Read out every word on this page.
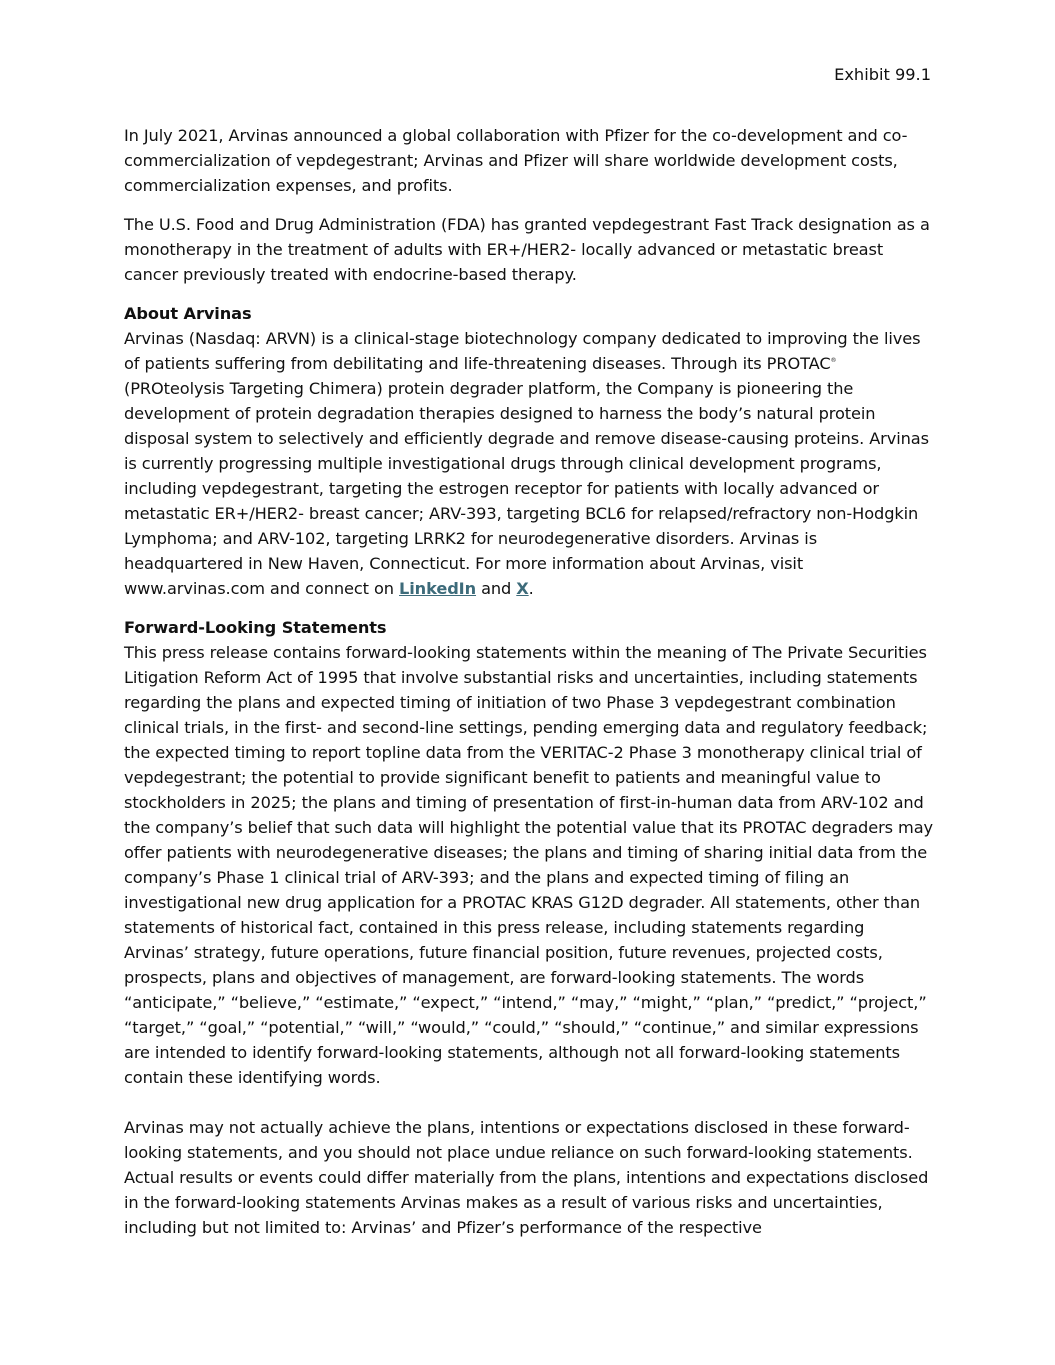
Exhibit 99.1

In July 2021, Arvinas announced a global collaboration with Pfizer for the co-development and co-commercialization of vepdegestrant; Arvinas and Pfizer will share worldwide development costs, commercialization expenses, and profits.

The U.S. Food and Drug Administration (FDA) has granted vepdegestrant Fast Track designation as a monotherapy in the treatment of adults with ER+/HER2- locally advanced or metastatic breast cancer previously treated with endocrine-based therapy.

About Arvinas

Arvinas (Nasdaq: ARVN) is a clinical-stage biotechnology company dedicated to improving the lives of patients suffering from debilitating and life-threatening diseases. Through its PROTAC® (PROteolysis Targeting Chimera) protein degrader platform, the Company is pioneering the development of protein degradation therapies designed to harness the body’s natural protein disposal system to selectively and efficiently degrade and remove disease-causing proteins. Arvinas is currently progressing multiple investigational drugs through clinical development programs, including vepdegestrant, targeting the estrogen receptor for patients with locally advanced or metastatic ER+/HER2- breast cancer; ARV-393, targeting BCL6 for relapsed/refractory non-Hodgkin Lymphoma; and ARV-102, targeting LRRK2 for neurodegenerative disorders. Arvinas is headquartered in New Haven, Connecticut. For more information about Arvinas, visit www.arvinas.com and connect on LinkedIn and X.

Forward-Looking Statements

This press release contains forward-looking statements within the meaning of The Private Securities Litigation Reform Act of 1995 that involve substantial risks and uncertainties, including statements regarding the plans and expected timing of initiation of two Phase 3 vepdegestrant combination clinical trials, in the first- and second-line settings, pending emerging data and regulatory feedback; the expected timing to report topline data from the VERITAC-2 Phase 3 monotherapy clinical trial of vepdegestrant; the potential to provide significant benefit to patients and meaningful value to stockholders in 2025; the plans and timing of presentation of first-in-human data from ARV-102 and the company’s belief that such data will highlight the potential value that its PROTAC degraders may offer patients with neurodegenerative diseases; the plans and timing of sharing initial data from the company’s Phase 1 clinical trial of ARV-393; and the plans and expected timing of filing an investigational new drug application for a PROTAC KRAS G12D degrader. All statements, other than statements of historical fact, contained in this press release, including statements regarding Arvinas’ strategy, future operations, future financial position, future revenues, projected costs, prospects, plans and objectives of management, are forward-looking statements. The words “anticipate,” “believe,” “estimate,” “expect,” “intend,” “may,” “might,” “plan,” “predict,” “project,” “target,” “goal,” “potential,” “will,” “would,” “could,” “should,” “continue,” and similar expressions are intended to identify forward-looking statements, although not all forward-looking statements contain these identifying words.

Arvinas may not actually achieve the plans, intentions or expectations disclosed in these forward-looking statements, and you should not place undue reliance on such forward-looking statements. Actual results or events could differ materially from the plans, intentions and expectations disclosed in the forward-looking statements Arvinas makes as a result of various risks and uncertainties, including but not limited to: Arvinas’ and Pfizer’s performance of the respective
